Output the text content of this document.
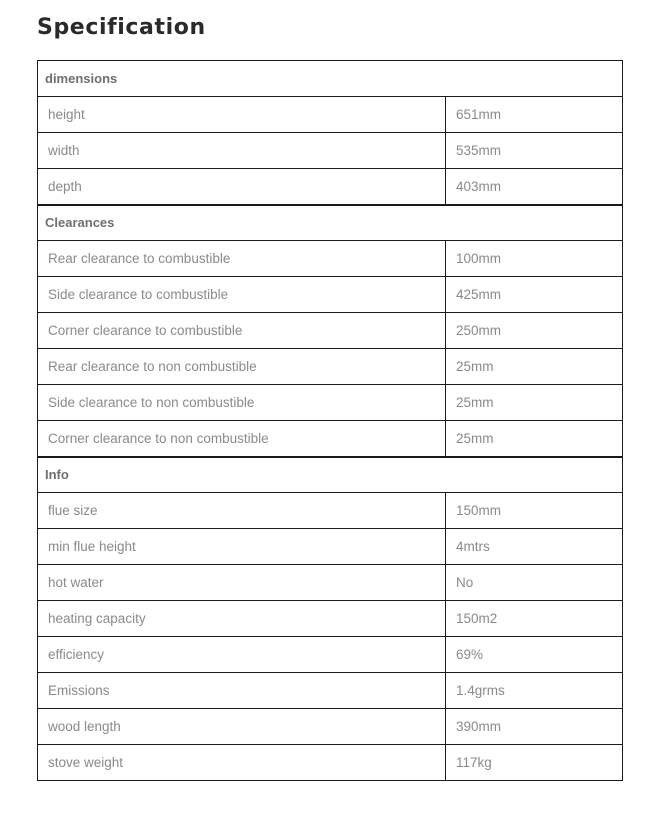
Specification
dimensions	
height	651mm
width	535mm
depth	403mm
Clearances	
Rear clearance to combustible	100mm
Side clearance to combustible	425mm
Corner clearance to combustible	250mm
Rear clearance to non combustible	25mm
Side clearance to non combustible	25mm
Corner clearance to non combustible	25mm
Info	
flue size	150mm
min flue height	4mtrs
hot water	No
heating capacity	150m2
efficiency	69%
Emissions	1.4grms
wood length	390mm
stove weight	117kg
